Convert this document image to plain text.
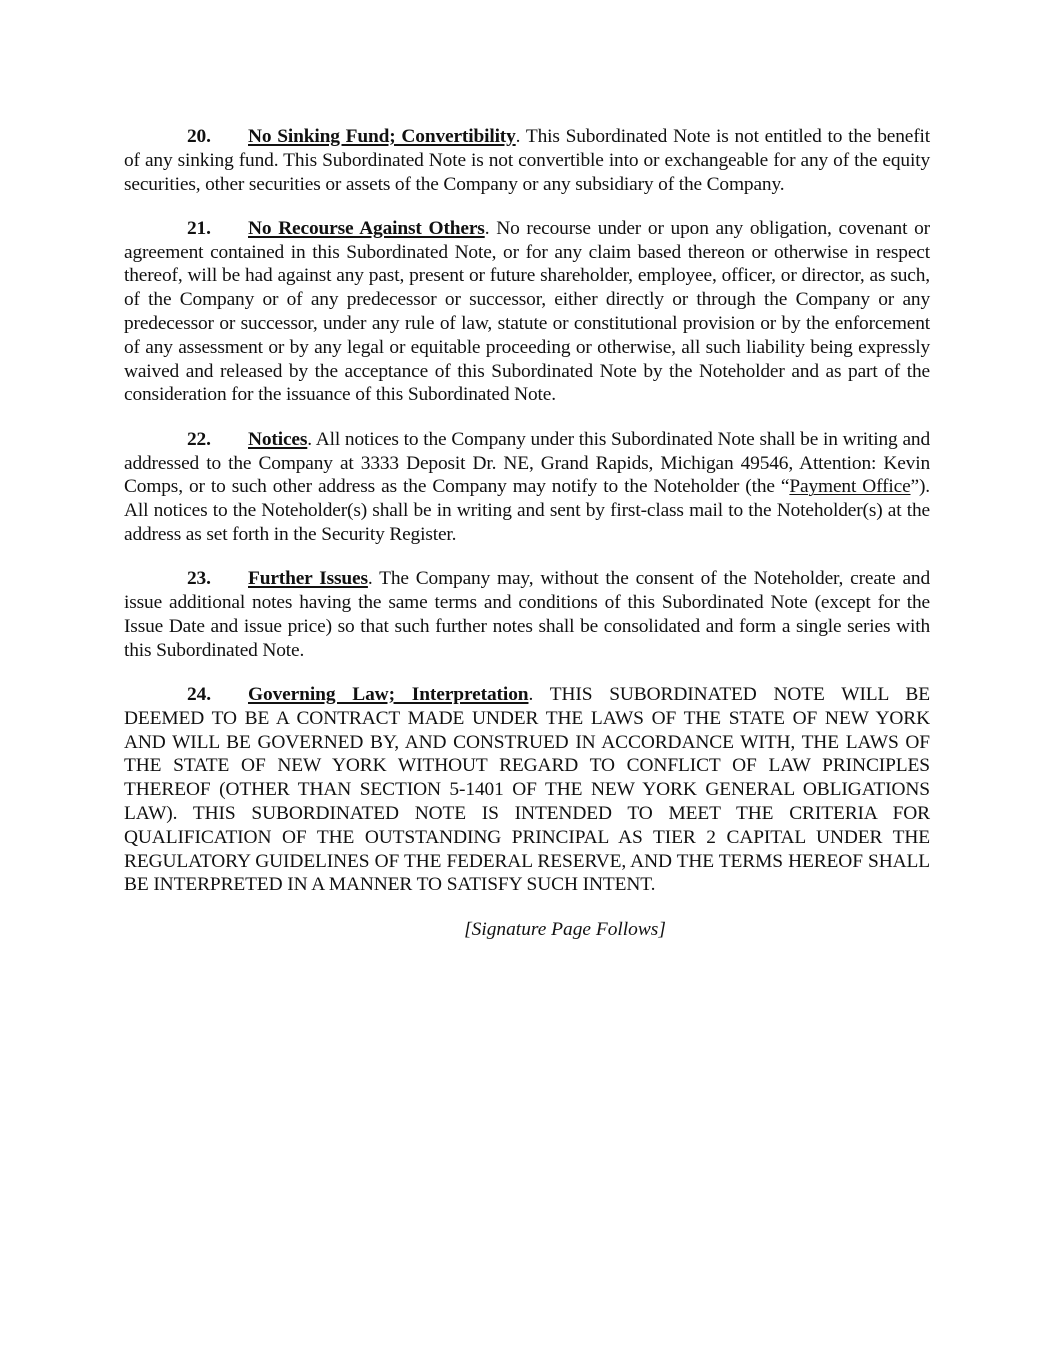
20. No Sinking Fund; Convertibility. This Subordinated Note is not entitled to the benefit of any sinking fund. This Subordinated Note is not convertible into or exchangeable for any of the equity securities, other securities or assets of the Company or any subsidiary of the Company.

21. No Recourse Against Others. No recourse under or upon any obligation, covenant or agreement contained in this Subordinated Note, or for any claim based thereon or otherwise in respect thereof, will be had against any past, present or future shareholder, employee, officer, or director, as such, of the Company or of any predecessor or successor, either directly or through the Company or any predecessor or successor, under any rule of law, statute or constitutional provision or by the enforcement of any assessment or by any legal or equitable proceeding or otherwise, all such liability being expressly waived and released by the acceptance of this Subordinated Note by the Noteholder and as part of the consideration for the issuance of this Subordinated Note.

22. Notices. All notices to the Company under this Subordinated Note shall be in writing and addressed to the Company at 3333 Deposit Dr. NE, Grand Rapids, Michigan 49546, Attention: Kevin Comps, or to such other address as the Company may notify to the Noteholder (the “Payment Office”). All notices to the Noteholder(s) shall be in writing and sent by first-class mail to the Noteholder(s) at the address as set forth in the Security Register.

23. Further Issues. The Company may, without the consent of the Noteholder, create and issue additional notes having the same terms and conditions of this Subordinated Note (except for the Issue Date and issue price) so that such further notes shall be consolidated and form a single series with this Subordinated Note.

24. Governing Law; Interpretation. THIS SUBORDINATED NOTE WILL BE DEEMED TO BE A CONTRACT MADE UNDER THE LAWS OF THE STATE OF NEW YORK AND WILL BE GOVERNED BY, AND CONSTRUED IN ACCORDANCE WITH, THE LAWS OF THE STATE OF NEW YORK WITHOUT REGARD TO CONFLICT OF LAW PRINCIPLES THEREOF (OTHER THAN SECTION 5-1401 OF THE NEW YORK GENERAL OBLIGATIONS LAW). THIS SUBORDINATED NOTE IS INTENDED TO MEET THE CRITERIA FOR QUALIFICATION OF THE OUTSTANDING PRINCIPAL AS TIER 2 CAPITAL UNDER THE REGULATORY GUIDELINES OF THE FEDERAL RESERVE, AND THE TERMS HEREOF SHALL BE INTERPRETED IN A MANNER TO SATISFY SUCH INTENT.

[Signature Page Follows]
